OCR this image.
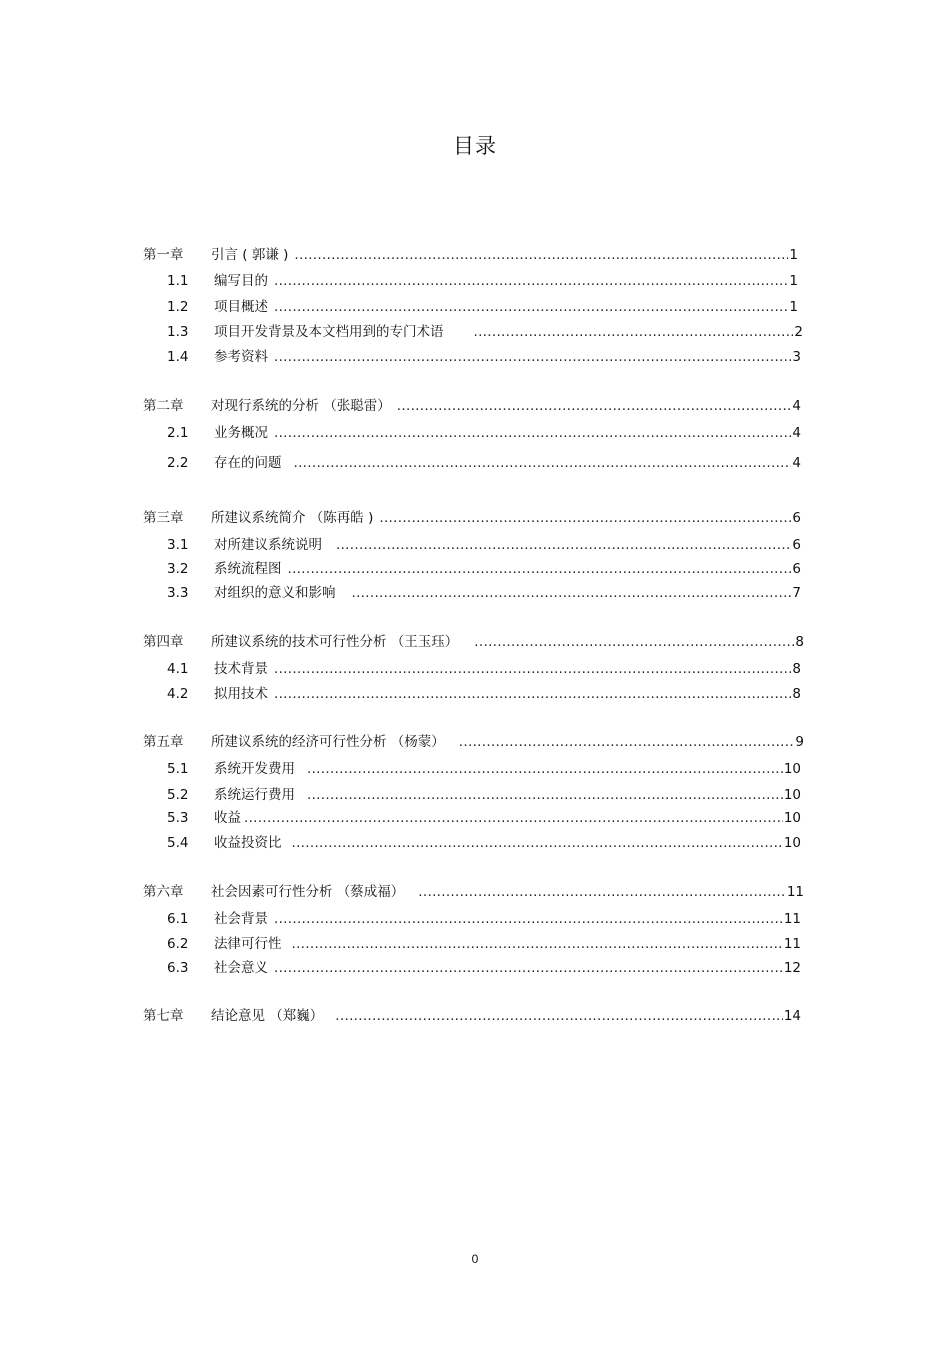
目录
第一章	引言 ( 郭谦 ) .....	1
1.1	编写目的 .....	1
1.2	项目概述 .....	1
1.3	项目开发背景及本文档用到的专门术语 .....	2
1.4	参考资料 .....	3
第二章	对现行系统的分析 （张聪雷） .....	4
2.1	业务概况 .....	4
2.2	存在的问题 .....	4
第三章	所建议系统简介 （陈再皓 ) .....	6
3.1	对所建议系统说明 .....	6
3.2	系统流程图 .....	6
3.3	对组织的意义和影响 .....	7
第四章	所建议系统的技术可行性分析 （王玉珏） .....	8
4.1	技术背景 .....	8
4.2	拟用技术 .....	8
第五章	所建议系统的经济可行性分析 （杨蒙） .....	9
5.1	系统开发费用 .....	10
5.2	系统运行费用 .....	10
5.3	收益 .....	10
5.4	收益投资比 .....	10
第六章	社会因素可行性分析 （蔡成福） .....	11
6.1	社会背景 .....	11
6.2	法律可行性 .....	11
6.3	社会意义 .....	12
第七章	结论意见 （郑巍） .....	14
0
